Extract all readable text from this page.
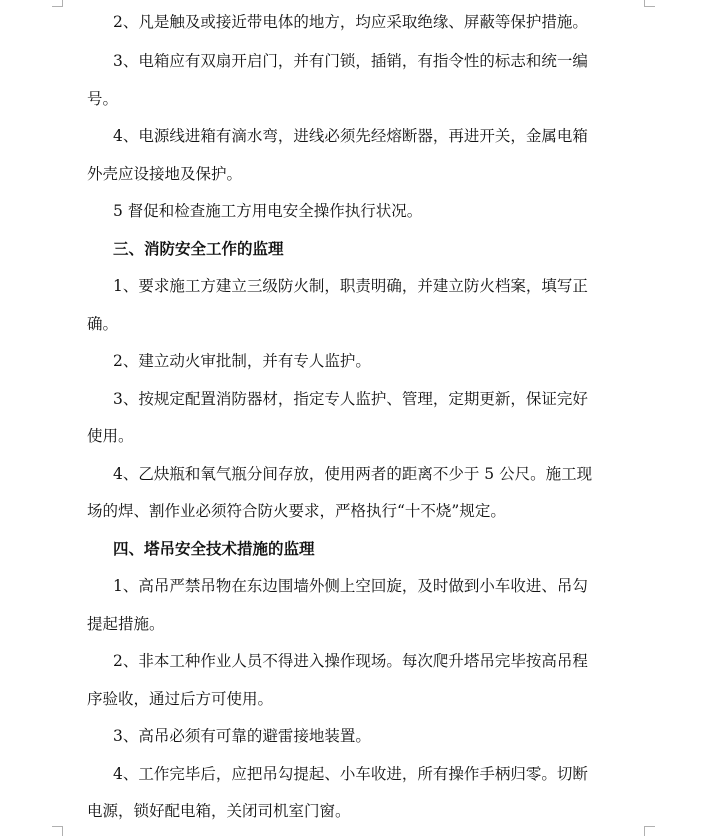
2、凡是触及或接近带电体的地方，均应采取绝缘、屏蔽等保护措施。
3、电箱应有双扇开启门，并有门锁，插销，有指令性的标志和统一编
号。
4、电源线进箱有滴水弯，进线必须先经熔断器，再进开关，金属电箱
外壳应设接地及保护。
5 督促和检查施工方用电安全操作执行状况。
三、消防安全工作的监理
1、要求施工方建立三级防火制，职责明确，并建立防火档案，填写正
确。
2、建立动火审批制，并有专人监护。
3、按规定配置消防器材，指定专人监护、管理，定期更新，保证完好
使用。
4、乙炔瓶和氧气瓶分间存放，使用两者的距离不少于 5 公尺。施工现
场的焊、割作业必须符合防火要求，严格执行“十不烧”规定。
四、塔吊安全技术措施的监理
1、高吊严禁吊物在东边围墙外侧上空回旋，及时做到小车收进、吊勾
提起措施。
2、非本工种作业人员不得进入操作现场。每次爬升塔吊完毕按高吊程
序验收，通过后方可使用。
3、高吊必须有可靠的避雷接地装置。
4、工作完毕后，应把吊勾提起、小车收进，所有操作手柄归零。切断
电源，锁好配电箱，关闭司机室门窗。
